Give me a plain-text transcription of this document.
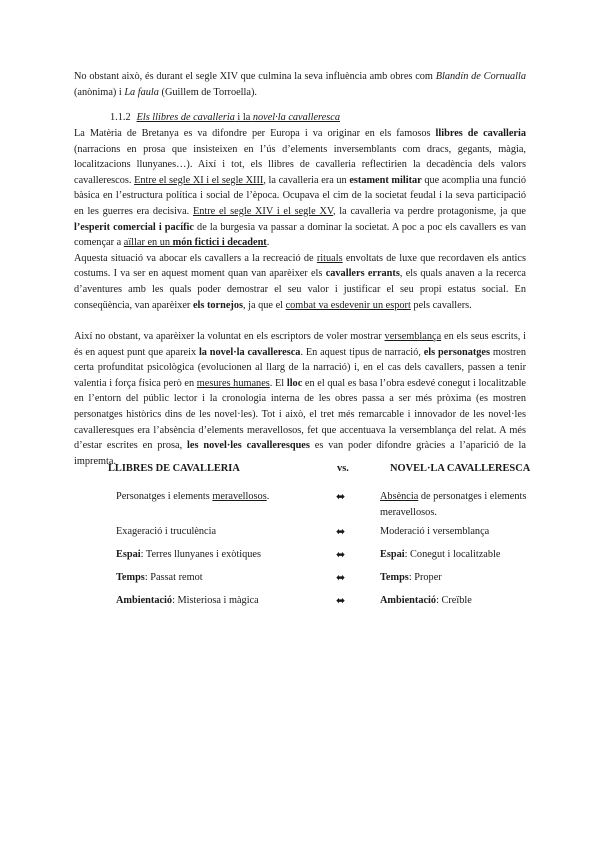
No obstant això, és durant el segle XIV que culmina la seva influència amb obres com Blandín de Cornualla (anònima) i La faula (Guillem de Torroella).

1.1.2 Els llibres de cavalleria i la novel·la cavalleresca

La Matèria de Bretanya es va difondre per Europa i va originar en els famosos llibres de cavalleria (narracions en prosa que insisteixen en l’ús d’elements inversemblants com dracs, gegants, màgia, localitzacions llunyanes…). Així i tot, els llibres de cavalleria reflectirien la decadència dels valors cavallerescos. Entre el segle XI i el segle XIII, la cavalleria era un estament militar que acomplia una funció bàsica en l’estructura política i social de l’època. Ocupava el cim de la societat feudal i la seva participació en les guerres era decisiva. Entre el segle XIV i el segle XV, la cavalleria va perdre protagonisme, ja que l’esperit comercial i pacífic de la burgesia va passar a dominar la societat. A poc a poc els cavallers es van començar a aïllar en un món fictici i decadent.
Aquesta situació va abocar els cavallers a la recreació de rituals envoltats de luxe que recordaven els antics costums. I va ser en aquest moment quan van aparèixer els cavallers errants, els quals anaven a la recerca d’aventures amb les quals poder demostrar el seu valor i justificar el seu propi estatus social. En conseqüència, van aparèixer els tornejos, ja que el combat va esdevenir un esport pels cavallers.

Així no obstant, va aparèixer la voluntat en els escriptors de voler mostrar versemblança en els seus escrits, i és en aquest punt que apareix la novel·la cavalleresca. En aquest tipus de narració, els personatges mostren certa profunditat psicològica (evolucionen al llarg de la narració) i, en el cas dels cavallers, passen a tenir valentia i força física però en mesures humanes. El lloc en el qual es basa l’obra esdevé conegut i localitzable en l’entorn del públic lector i la cronologia interna de les obres passa a ser més pròxima (es mostren personatges històrics dins de les novel·les). Tot i això, el tret més remarcable i innovador de les novel·les cavalleresques era l’absència d’elements meravellosos, fet que accentuava la versemblança del relat. A més d’estar escrites en prosa, les novel·les cavalleresques es van poder difondre gràcies a l’aparició de la impremta.

LLIBRES DE CAVALLERIA	vs.	NOVEL·LA CAVALLERESCA
Personatges i elements meravellosos.	⬌	Absència de personatges i elements meravellosos.
Exageració i truculència	⬌	Moderació i versemblança
Espai: Terres llunyanes i exòtiques	⬌	Espai: Conegut i localitzable
Temps: Passat remot	⬌	Temps: Proper
Ambientació: Misteriosa i màgica	⬌	Ambientació: Creïble
